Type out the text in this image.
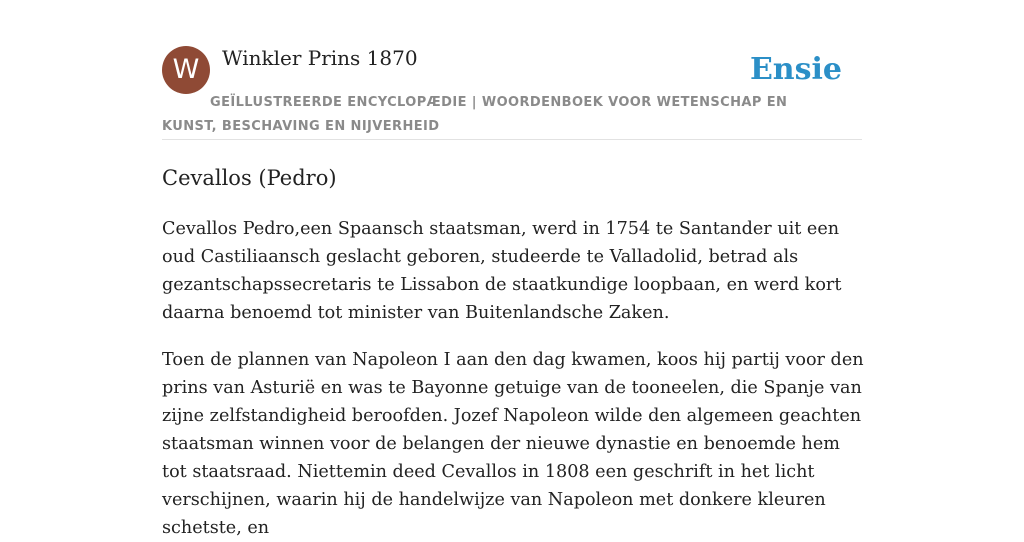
W	Winkler Prins 1870	Ensie
GEÏLLUSTREERDE ENCYCLOPÆDIE | WOORDENBOEK VOOR WETENSCHAP EN KUNST, BESCHAVING EN NIJVERHEID
Cevallos (Pedro)

Cevallos Pedro,een Spaansch staatsman, werd in 1754 te Santander uit een oud Castiliaansch geslacht geboren, studeerde te Valladolid, betrad als gezantschapssecretaris te Lissabon de staatkundige loopbaan, en werd kort daarna benoemd tot minister van Buitenlandsche Zaken.

Toen de plannen van Napoleon I aan den dag kwamen, koos hij partij voor den prins van Asturië en was te Bayonne getuige van de tooneelen, die Spanje van zijne zelfstandigheid beroofden. Jozef Napoleon wilde den algemeen geachten staatsman winnen voor de belangen der nieuwe dynastie en benoemde hem tot staatsraad. Niettemin deed Cevallos in 1808 een geschrift in het licht verschijnen, waarin hij de handelwijze van Napoleon met donkere kleuren schetste, en
